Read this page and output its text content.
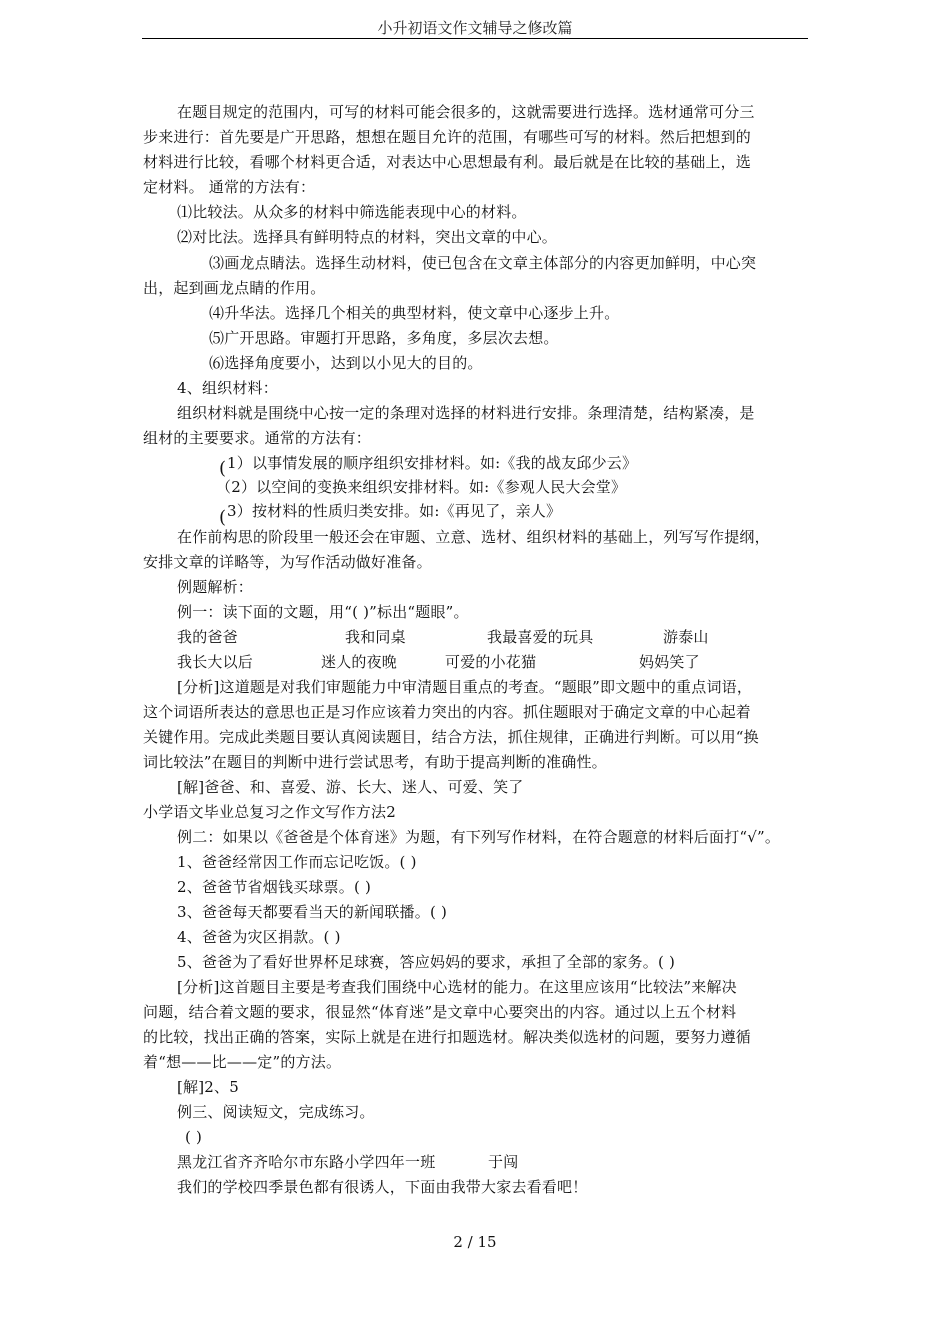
小升初语文作文辅导之修改篇
在题目规定的范围内，可写的材料可能会很多的，这就需要进行选择。选材通常可分三
步来进行：首先要是广开思路，想想在题目允许的范围，有哪些可写的材料。然后把想到的
材料进行比较，看哪个材料更合适，对表达中心思想最有利。最后就是在比较的基础上，选
定材料。 通常的方法有：
⑴比较法。从众多的材料中筛选能表现中心的材料。
⑵对比法。选择具有鲜明特点的材料，突出文章的中心。
⑶画龙点睛法。选择生动材料，使已包含在文章主体部分的内容更加鲜明，中心突
出，起到画龙点睛的作用。
⑷升华法。选择几个相关的典型材料，使文章中心逐步上升。
⑸广开思路。审题打开思路，多角度，多层次去想。
⑹选择角度要小，达到以小见大的目的。
4、组织材料：
组织材料就是围绕中心按一定的条理对选择的材料进行安排。条理清楚，结构紧凑，是
组材的主要要求。通常的方法有：
( 1）以事情发展的顺序组织安排材料。如:《我的战友邱少云》
（2）以空间的变换来组织安排材料。如:《参观人民大会堂》
( 3）按材料的性质归类安排。如:《再见了，亲人》
在作前构思的阶段里一般还会在审题、立意、选材、组织材料的基础上，列写写作提纲，
安排文章的详略等，为写作活动做好准备。
例题解析：
例一：读下面的文题，用“( )”标出“题眼”。
我的爸爸	我和同桌	我最喜爱的玩具	游泰山
我长大以后	迷人的夜晚	可爱的小花猫	妈妈笑了
[分析]这道题是对我们审题能力中审清题目重点的考查。“题眼”即文题中的重点词语，
这个词语所表达的意思也正是习作应该着力突出的内容。抓住题眼对于确定文章的中心起着
关键作用。完成此类题目要认真阅读题目，结合方法，抓住规律，正确进行判断。可以用“换
词比较法”在题目的判断中进行尝试思考，有助于提高判断的准确性。
[解]爸爸、和、喜爱、游、长大、迷人、可爱、笑了
小学语文毕业总复习之作文写作方法2
例二：如果以《爸爸是个体育迷》为题，有下列写作材料，在符合题意的材料后面打“√”。
1、爸爸经常因工作而忘记吃饭。( )
2、爸爸节省烟钱买球票。( )
3、爸爸每天都要看当天的新闻联播。( )
4、爸爸为灾区捐款。( )
5、爸爸为了看好世界杯足球赛，答应妈妈的要求，承担了全部的家务。( )
[分析]这首题目主要是考查我们围绕中心选材的能力。在这里应该用“比较法”来解决
问题，结合着文题的要求，很显然“体育迷”是文章中心要突出的内容。通过以上五个材料
的比较，找出正确的答案，实际上就是在进行扣题选材。解决类似选材的问题，要努力遵循
着“想——比——定”的方法。
[解]2、5
例三、阅读短文，完成练习。
( )
黑龙江省齐齐哈尔市东路小学四年一班	于闯
我们的学校四季景色都有很诱人，下面由我带大家去看看吧！
2 / 15
